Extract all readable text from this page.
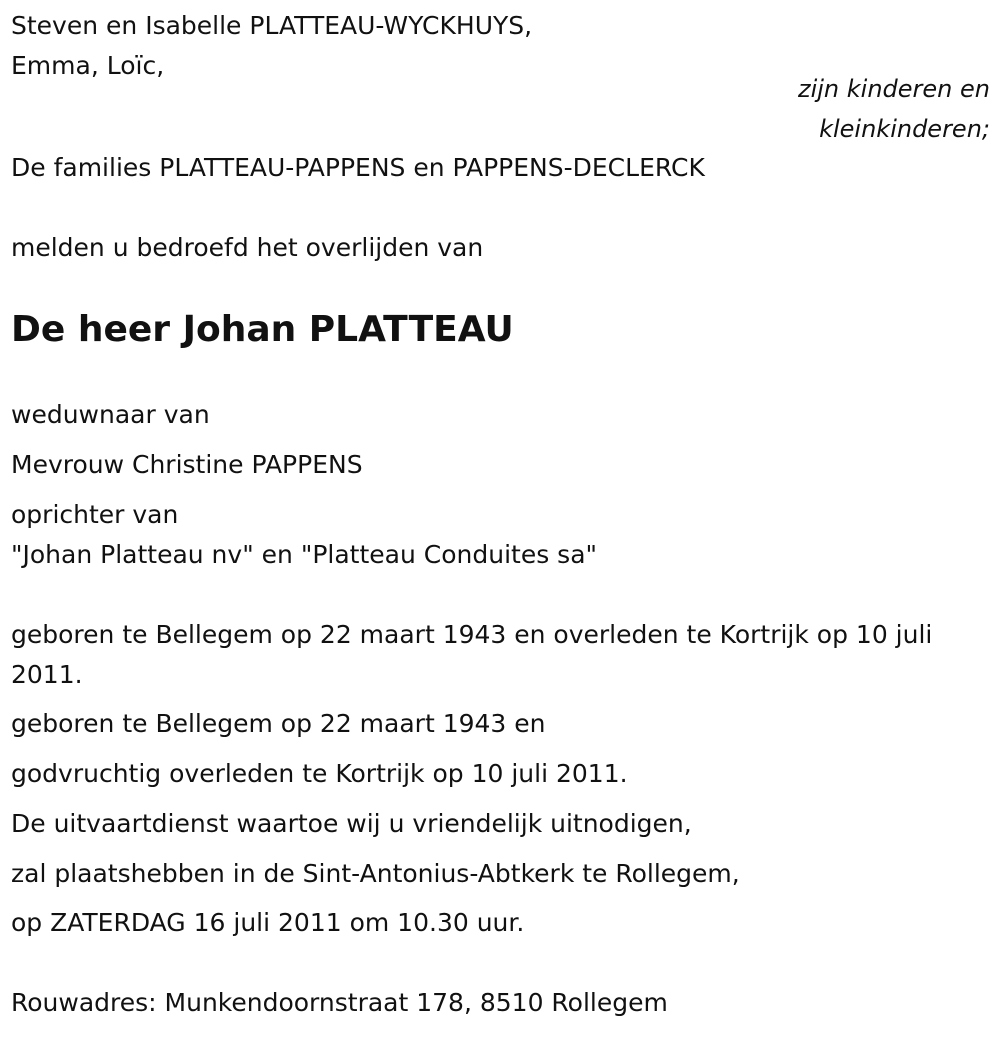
Steven en Isabelle PLATTEAU-WYCKHUYS,
Emma, Loïc,
zijn kinderen en
kleinkinderen;
De families PLATTEAU-PAPPENS en PAPPENS-DECLERCK
melden u bedroefd het overlijden van
De heer Johan PLATTEAU
weduwnaar van
Mevrouw Christine PAPPENS
oprichter van
"Johan Platteau nv" en "Platteau Conduites sa"
geboren te Bellegem op 22 maart 1943 en overleden te Kortrijk op 10 juli 2011.
geboren te Bellegem op 22 maart 1943 en
godvruchtig overleden te Kortrijk op 10 juli 2011.
De uitvaartdienst waartoe wij u vriendelijk uitnodigen,
zal plaatshebben in de Sint-Antonius-Abtkerk te Rollegem,
op ZATERDAG 16 juli 2011 om 10.30 uur.
Rouwadres: Munkendoornstraat 178, 8510 Rollegem
